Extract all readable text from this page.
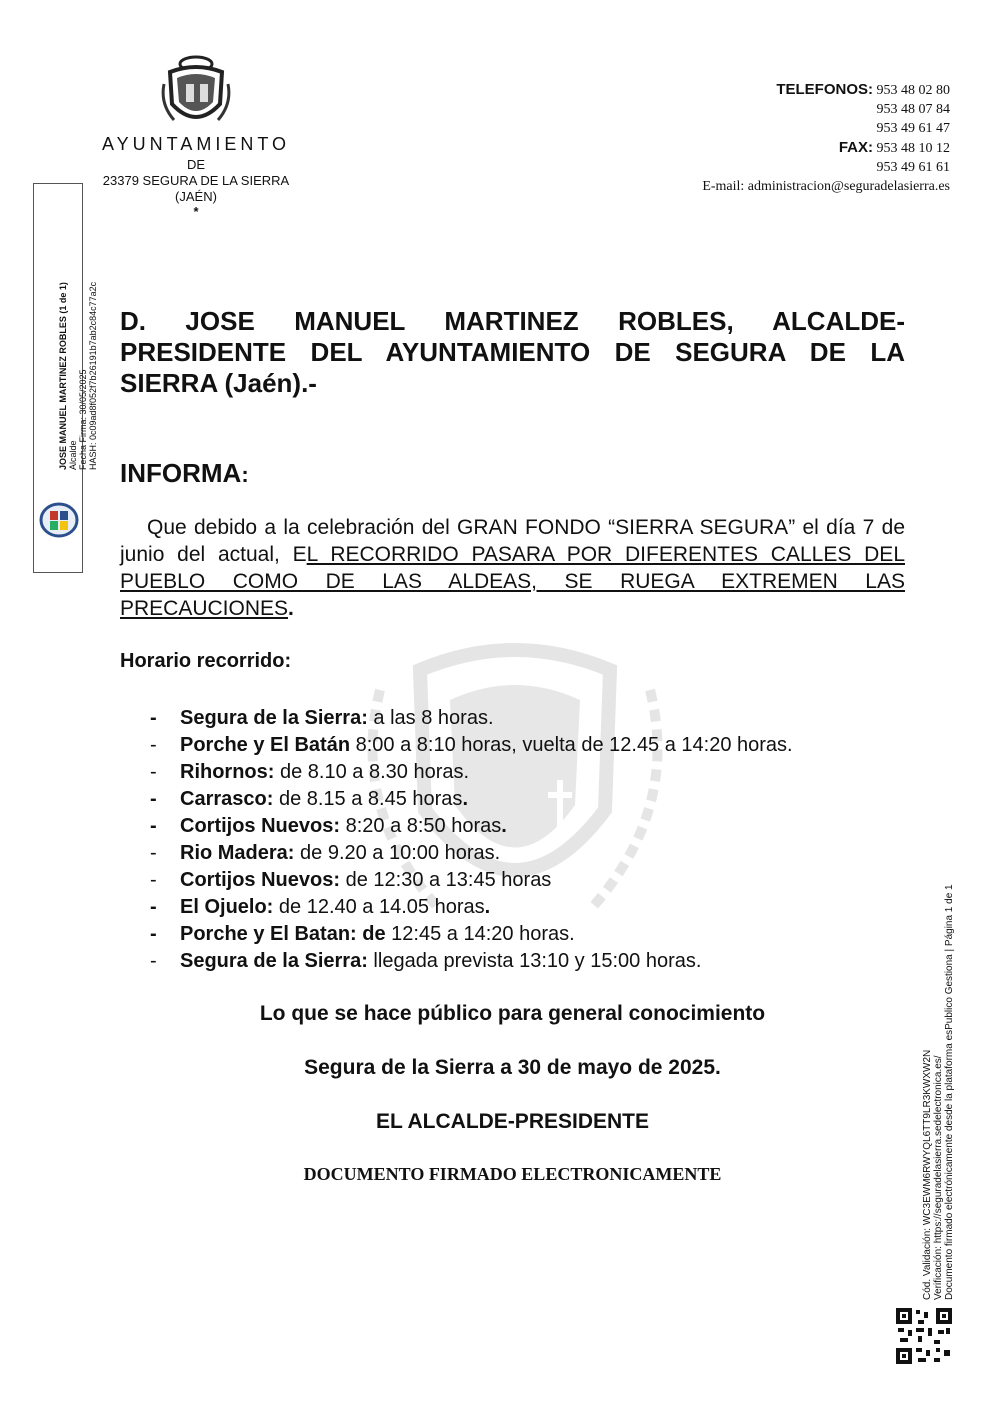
AYUNTAMIENTO
DE
23379 SEGURA DE LA SIERRA
(JAÉN)
*
TELEFONOS: 953 48 02 80
953 48 07 84
953 49 61 47
FAX: 953 48 10 12
953 49 61 61
E-mail: administracion@seguradelasierra.es
JOSE MANUEL MARTINEZ ROBLES (1 de 1) Alcalde Fecha Firma: 30/05/2025 HASH: 0c09ad8f052f7b26191b7ab2c84c77a2c D. JOSE MANUEL MARTINEZ ROBLES, ALCALDE-PRESIDENTE DEL AYUNTAMIENTO DE SEGURA DE LA SIERRA (Jaén).-
INFORMA:
Que debido a la celebración del GRAN FONDO “SIERRA SEGURA” el día 7 de junio del actual, EL RECORRIDO PASARA POR DIFERENTES CALLES DEL PUEBLO COMO DE LAS ALDEAS, SE RUEGA EXTREMEN LAS PRECAUCIONES.
Horario recorrido:
- Segura de la Sierra: a las 8 horas.
- Porche y El Batán 8:00 a 8:10 horas, vuelta de 12.45 a 14:20 horas.
- Rihornos: de 8.10 a 8.30 horas.
- Carrasco: de 8.15 a 8.45 horas.
- Cortijos Nuevos: 8:20 a 8:50 horas.
- Rio Madera: de 9.20 a 10:00 horas.
- Cortijos Nuevos: de 12:30 a 13:45 horas
- El Ojuelo: de 12.40 a 14.05 horas.
- Porche y El Batan: de 12:45 a 14:20 horas.
- Segura de la Sierra: llegada prevista 13:10 y 15:00 horas.
Lo que se hace público para general conocimiento
Segura de la Sierra a 30 de mayo de 2025.
EL ALCALDE-PRESIDENTE
DOCUMENTO FIRMADO ELECTRONICAMENTE	Cód. Validación: WC3EWM6RWYQL6TT9LR3KWXW2N Verificación: https://seguradelasierra.sedelectronica.es/ Documento firmado electrónicamente desde la plataforma esPublico Gestiona | Página 1 de 1
